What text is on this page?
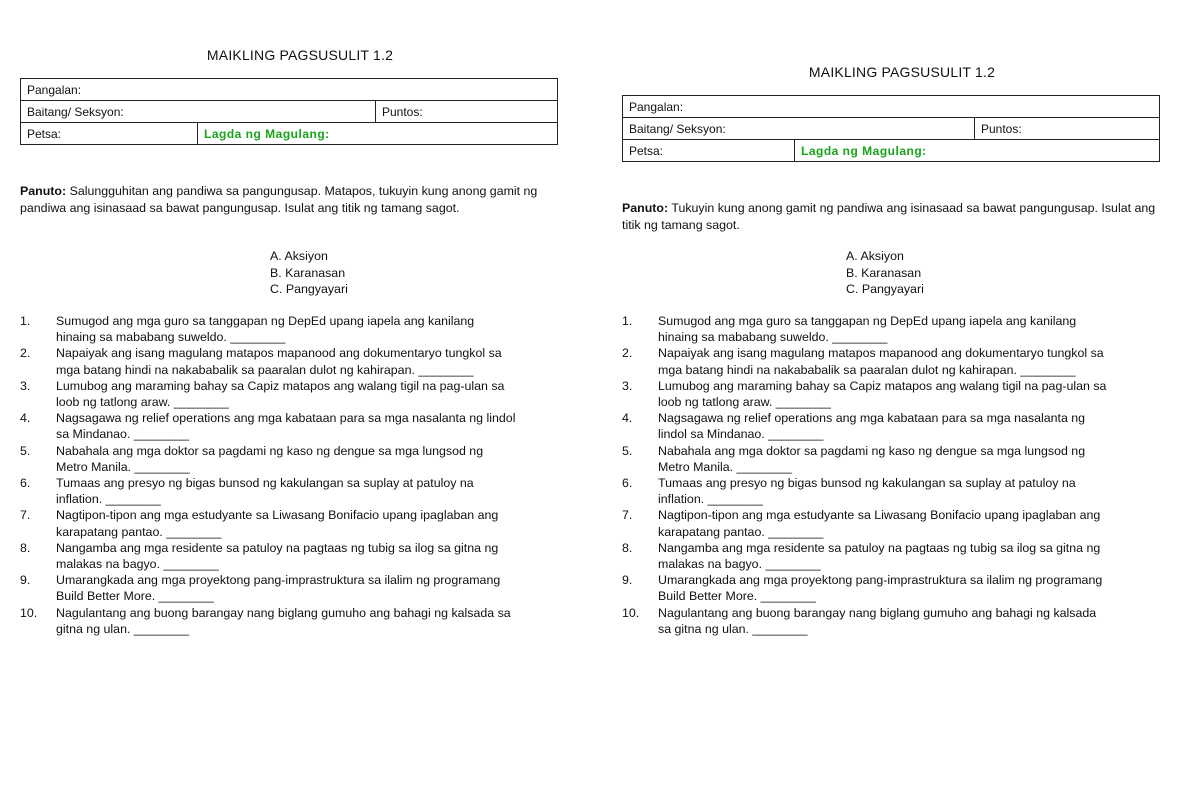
MAIKLING PAGSUSULIT 1.2
Pangalan:		
Baitang/ Seksyon:		Puntos:
Petsa:	Lagda ng Magulang:	
Panuto: Salungguhitan ang pandiwa sa pangungusap. Matapos, tukuyin kung anong gamit ng pandiwa ang isinasaad sa bawat pangungusap. Isulat ang titik ng tamang sagot.
A. Aksiyon
B. Karanasan
C. Pangyayari
1.	Sumugod ang mga guro sa tanggapan ng DepEd upang iapela ang kanilang
hinaing sa mababang suweldo. ________
2.	Napaiyak ang isang magulang matapos mapanood ang dokumentaryo tungkol sa
mga batang hindi na nakababalik sa paaralan dulot ng kahirapan. ________
3.	Lumubog ang maraming bahay sa Capiz matapos ang walang tigil na pag-ulan sa
loob ng tatlong araw. ________
4.	Nagsagawa ng relief operations ang mga kabataan para sa mga nasalanta ng lindol
sa Mindanao. ________
5.	Nabahala ang mga doktor sa pagdami ng kaso ng dengue sa mga lungsod ng
Metro Manila. ________
6.	Tumaas ang presyo ng bigas bunsod ng kakulangan sa suplay at patuloy na
inflation. ________
7.	Nagtipon-tipon ang mga estudyante sa Liwasang Bonifacio upang ipaglaban ang
karapatang pantao. ________
8.	Nangamba ang mga residente sa patuloy na pagtaas ng tubig sa ilog sa gitna ng
malakas na bagyo. ________
9.	Umarangkada ang mga proyektong pang-imprastruktura sa ilalim ng programang
Build Better More. ________
10.	Nagulantang ang buong barangay nang biglang gumuho ang bahagi ng kalsada sa
gitna ng ulan. ________
MAIKLING PAGSUSULIT 1.2
Pangalan:		
Baitang/ Seksyon:		Puntos:
Petsa:	Lagda ng Magulang:	
Panuto: Tukuyin kung anong gamit ng pandiwa ang isinasaad sa bawat pangungusap. Isulat ang titik ng tamang sagot.
A. Aksiyon
B. Karanasan
C. Pangyayari
1.	Sumugod ang mga guro sa tanggapan ng DepEd upang iapela ang kanilang
hinaing sa mababang suweldo. ________
2.	Napaiyak ang isang magulang matapos mapanood ang dokumentaryo tungkol sa
mga batang hindi na nakababalik sa paaralan dulot ng kahirapan. ________
3.	Lumubog ang maraming bahay sa Capiz matapos ang walang tigil na pag-ulan sa
loob ng tatlong araw. ________
4.	Nagsagawa ng relief operations ang mga kabataan para sa mga nasalanta ng
lindol sa Mindanao. ________
5.	Nabahala ang mga doktor sa pagdami ng kaso ng dengue sa mga lungsod ng
Metro Manila. ________
6.	Tumaas ang presyo ng bigas bunsod ng kakulangan sa suplay at patuloy na
inflation. ________
7.	Nagtipon-tipon ang mga estudyante sa Liwasang Bonifacio upang ipaglaban ang
karapatang pantao. ________
8.	Nangamba ang mga residente sa patuloy na pagtaas ng tubig sa ilog sa gitna ng
malakas na bagyo. ________
9.	Umarangkada ang mga proyektong pang-imprastruktura sa ilalim ng programang
Build Better More. ________
10.	Nagulantang ang buong barangay nang biglang gumuho ang bahagi ng kalsada
sa gitna ng ulan. ________
